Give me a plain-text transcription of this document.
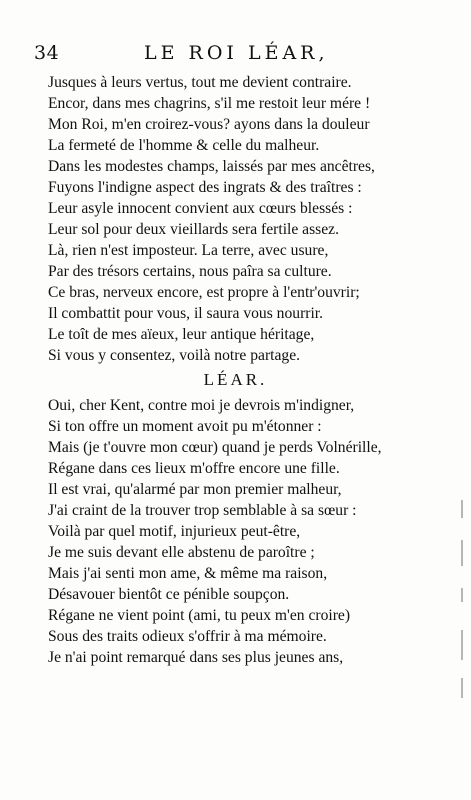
34	LE ROI LÉAR,
Jusques à leurs vertus, tout me devient contraire.
Encor, dans mes chagrins, s'il me restoit leur mére !
Mon Roi, m'en croirez-vous? ayons dans la douleur
La fermeté de l'homme & celle du malheur.
Dans les modestes champs, laissés par mes ancêtres,
Fuyons l'indigne aspect des ingrats & des traîtres :
Leur asyle innocent convient aux cœurs blessés :
Leur sol pour deux vieillards sera fertile assez.
Là, rien n'est imposteur. La terre, avec usure,
Par des trésors certains, nous paîra sa culture.
Ce bras, nerveux encore, est propre à l'entr'ouvrir;
Il combattit pour vous, il saura vous nourrir.
Le toît de mes aïeux, leur antique héritage,
Si vous y consentez, voilà notre partage.
LÉAR.
Oui, cher Kent, contre moi je devrois m'indigner,
Si ton offre un moment avoit pu m'étonner :
Mais (je t'ouvre mon cœur) quand je perds Volnérille,
Régane dans ces lieux m'offre encore une fille.
Il est vrai, qu'alarmé par mon premier malheur,
J'ai craint de la trouver trop semblable à sa sœur :
Voilà par quel motif, injurieux peut-être,
Je me suis devant elle abstenu de paroître ;
Mais j'ai senti mon ame, & même ma raison,
Désavouer bientôt ce pénible soupçon.
Régane ne vient point (ami, tu peux m'en croire)
Sous des traits odieux s'offrir à ma mémoire.
Je n'ai point remarqué dans ses plus jeunes ans,
